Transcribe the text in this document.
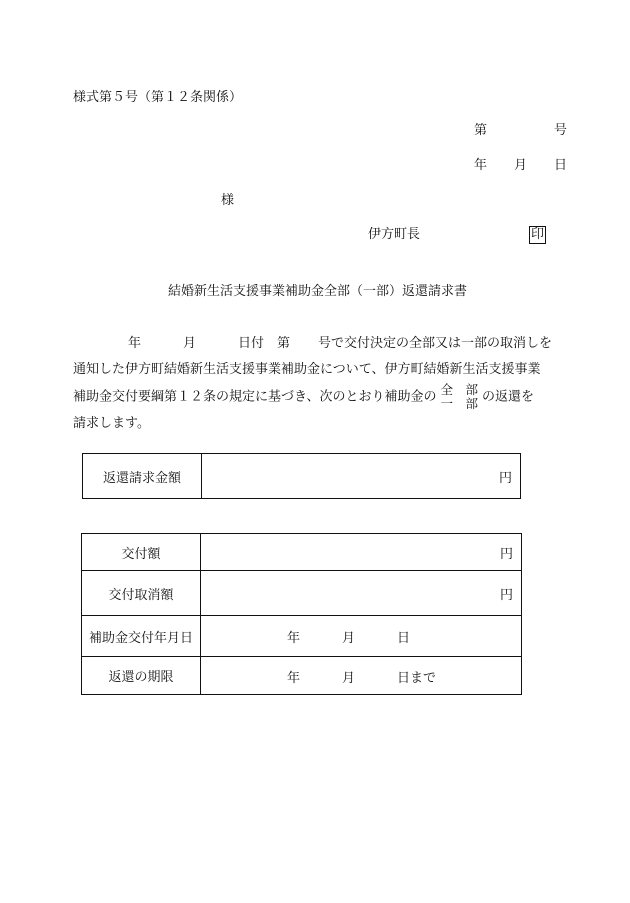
様式第５号（第１２条関係）
第	号
年 月 日
様
伊方町長	印
結婚新生活支援事業補助金全部（一部）返還請求書
年	月	日付　第 号で交付決定の全部又は一部の取消しを
通知した伊方町結婚新生活支援事業補助金について、伊方町結婚新生活支援事業
補助金交付要綱第１２条の規定に基づき、次のとおり補助金の 全　部
一　部 の返還を
請求します。
返還請求金額	円
交付額	円
交付取消額	円
補助金交付年月日	年 月 日

返還の期限	年 月 日まで
